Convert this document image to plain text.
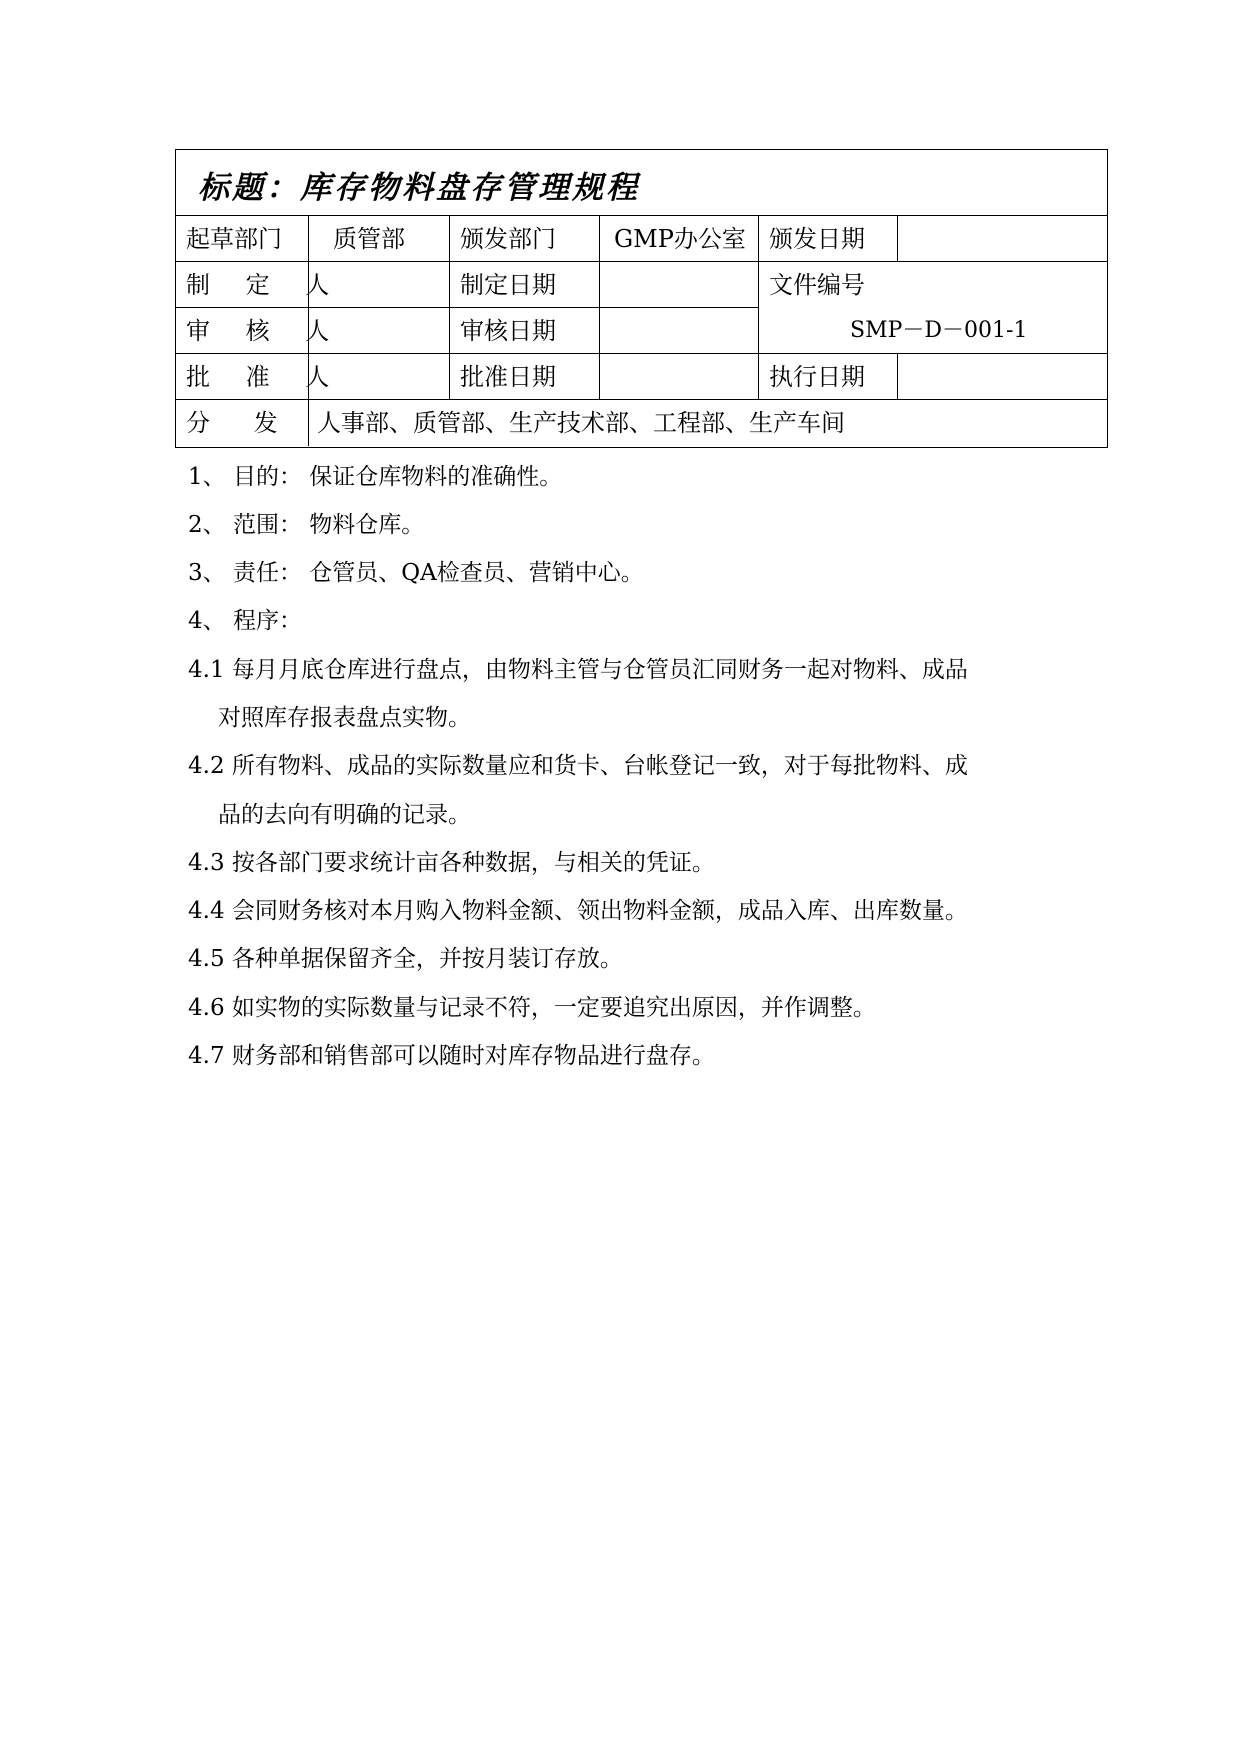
标题：库存物料盘存管理规程
起草部门	质管部	颁发部门	GMP办公室 颁发日期
制 定 人	制定日期
审 核 人	审核日期
文件编号
SMP－D－001-1
批 准 人	批准日期	执行日期
分 发	人事部、质管部、生产技术部、工程部、生产车间
1、 目的： 保证仓库物料的准确性。
2、 范围： 物料仓库。
3、 责任： 仓管员、QA检查员、营销中心。
4、 程序：
4.1 每月月底仓库进行盘点，由物料主管与仓管员汇同财务一起对物料、成品
对照库存报表盘点实物。
4.2 所有物料、成品的实际数量应和货卡、台帐登记一致，对于每批物料、成
品的去向有明确的记录。
4.3 按各部门要求统计亩各种数据，与相关的凭证。
4.4 会同财务核对本月购入物料金额、领出物料金额，成品入库、出库数量。
4.5 各种单据保留齐全，并按月装订存放。
4.6 如实物的实际数量与记录不符，一定要追究出原因，并作调整。
4.7 财务部和销售部可以随时对库存物品进行盘存。
